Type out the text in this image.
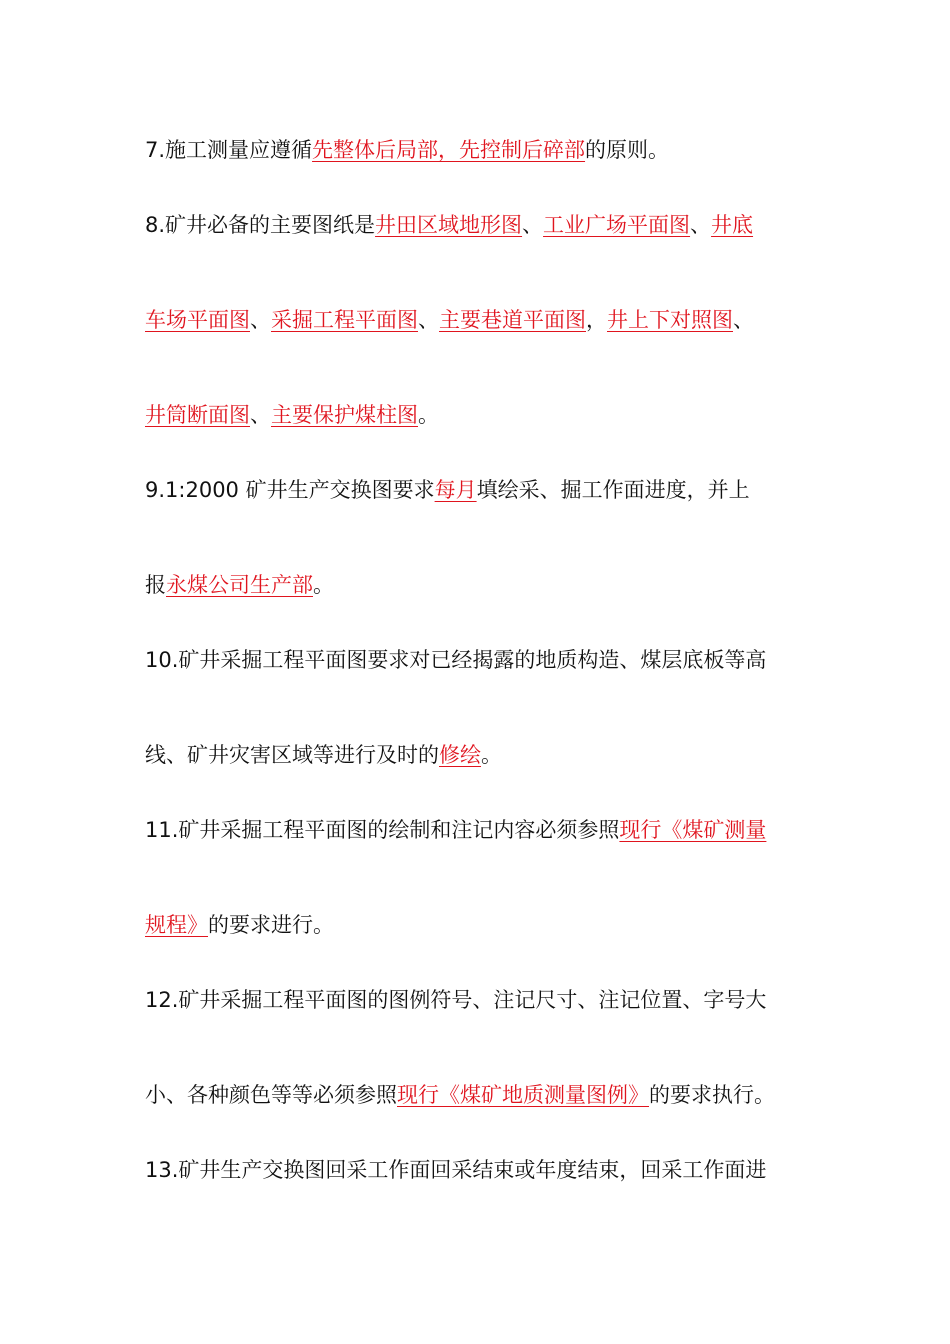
7.施工测量应遵循先整体后局部，先控制后碎部的原则。
8.矿井必备的主要图纸是井田区域地形图、工业广场平面图、井底
车场平面图、采掘工程平面图、主要巷道平面图，井上下对照图、
井筒断面图、主要保护煤柱图。
9.1:2000 矿井生产交换图要求每月填绘采、掘工作面进度，并上
报永煤公司生产部。
10.矿井采掘工程平面图要求对已经揭露的地质构造、煤层底板等高
线、矿井灾害区域等进行及时的修绘。
11.矿井采掘工程平面图的绘制和注记内容必须参照现行《煤矿测量
规程》的要求进行。
12.矿井采掘工程平面图的图例符号、注记尺寸、注记位置、字号大
小、各种颜色等等必须参照现行《煤矿地质测量图例》的要求执行。
13.矿井生产交换图回采工作面回采结束或年度结束，回采工作面进
